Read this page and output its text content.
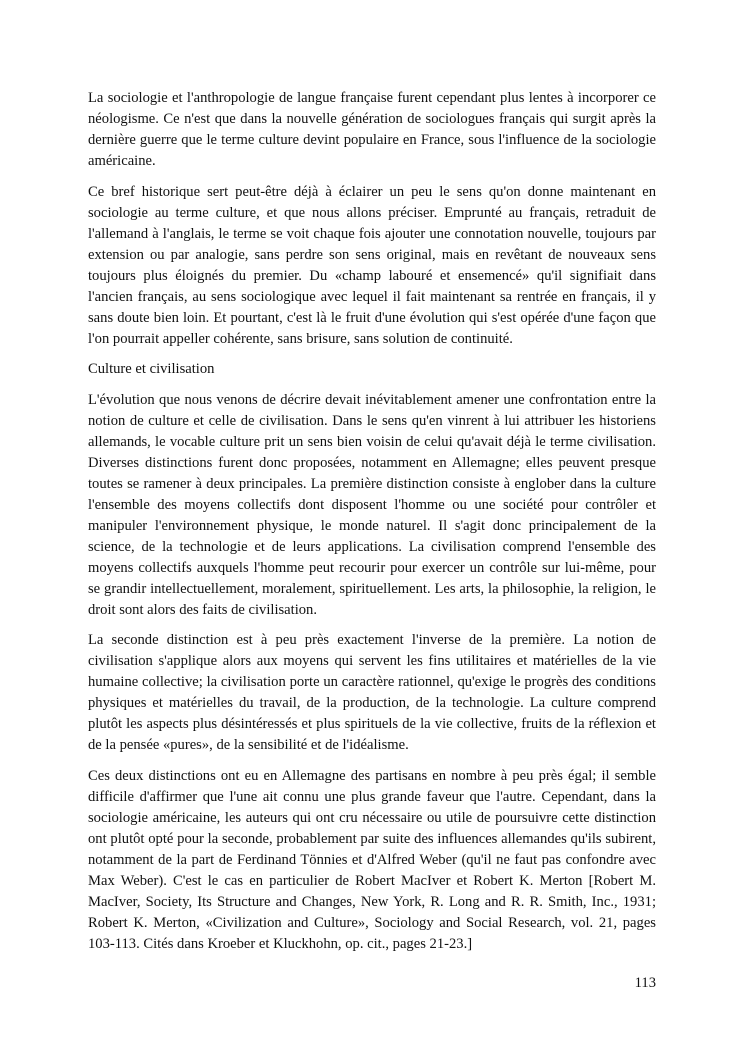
La sociologie et l'anthropologie de langue française furent cependant plus lentes à incorporer ce néologisme. Ce n'est que dans la nouvelle génération de sociologues français qui surgit après la dernière guerre que le terme culture devint populaire en France, sous l'influence de la sociologie américaine.

Ce bref historique sert peut-être déjà à éclairer un peu le sens qu'on donne maintenant en sociologie au terme culture, et que nous allons préciser. Emprunté au français, retraduit de l'allemand à l'anglais, le terme se voit chaque fois ajouter une connotation nouvelle, toujours par extension ou par analogie, sans perdre son sens original, mais en revêtant de nouveaux sens toujours plus éloignés du premier. Du «champ labouré et ensemencé» qu'il signifiait dans l'ancien français, au sens sociologique avec lequel il fait maintenant sa rentrée en français, il y sans doute bien loin. Et pourtant, c'est là le fruit d'une évolution qui s'est opérée d'une façon que l'on pourrait appeller cohérente, sans brisure, sans solution de continuité.

Culture et civilisation

L'évolution que nous venons de décrire devait inévitablement amener une confrontation entre la notion de culture et celle de civilisation. Dans le sens qu'en vinrent à lui attribuer les historiens allemands, le vocable culture prit un sens bien voisin de celui qu'avait déjà le terme civilisation. Diverses distinctions furent donc proposées, notamment en Allemagne; elles peuvent presque toutes se ramener à deux principales. La première distinction consiste à englober dans la culture l'ensemble des moyens collectifs dont disposent l'homme ou une société pour contrôler et manipuler l'environnement physique, le monde naturel. Il s'agit donc principalement de la science, de la technologie et de leurs applications. La civilisation comprend l'ensemble des moyens collectifs auxquels l'homme peut recourir pour exercer un contrôle sur lui-même, pour se grandir intellectuellement, moralement, spirituellement. Les arts, la philosophie, la religion, le droit sont alors des faits de civilisation.

La seconde distinction est à peu près exactement l'inverse de la première. La notion de civilisation s'applique alors aux moyens qui servent les fins utilitaires et matérielles de la vie humaine collective; la civilisation porte un caractère rationnel, qu'exige le progrès des conditions physiques et matérielles du travail, de la production, de la technologie. La culture comprend plutôt les aspects plus désintéressés et plus spirituels de la vie collective, fruits de la réflexion et de la pensée «pures», de la sensibilité et de l'idéalisme.

Ces deux distinctions ont eu en Allemagne des partisans en nombre à peu près égal; il semble difficile d'affirmer que l'une ait connu une plus grande faveur que l'autre. Cependant, dans la sociologie américaine, les auteurs qui ont cru nécessaire ou utile de poursuivre cette distinction ont plutôt opté pour la seconde, probablement par suite des influences allemandes qu'ils subirent, notamment de la part de Ferdinand Tönnies et d'Alfred Weber (qu'il ne faut pas confondre avec Max Weber). C'est le cas en particulier de Robert MacIver et Robert K. Merton [Robert M. MacIver, Society, Its Structure and Changes, New York, R. Long and R. R. Smith, Inc., 1931; Robert K. Merton, «Civilization and Culture», Sociology and Social Research, vol. 21, pages 103-113. Cités dans Kroeber et Kluckhohn, op. cit., pages 21-23.]

113
